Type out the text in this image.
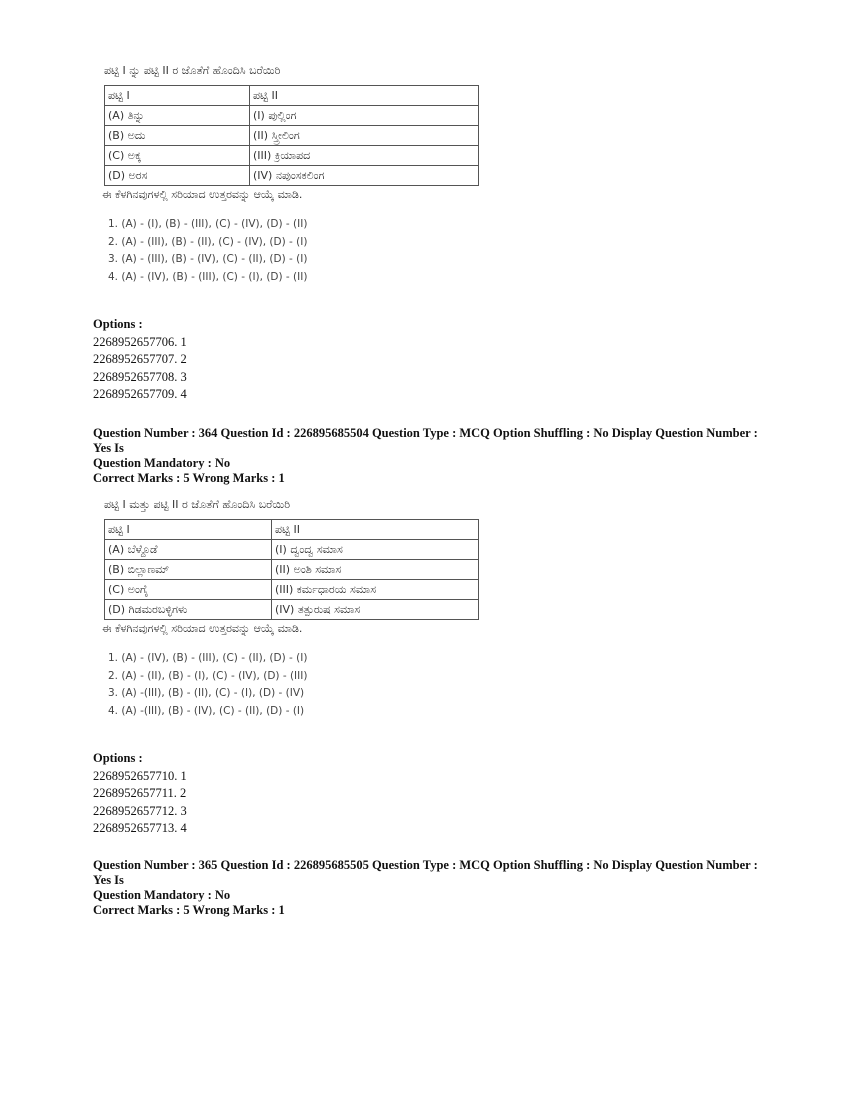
ಪಟ್ಟಿ I ನ್ನು ಪಟ್ಟಿ II ರ ಜೊತೆಗೆ ಹೊಂದಿಸಿ ಬರೆಯಿರಿ

ಪಟ್ಟಿ I	ಪಟ್ಟಿ II
(A) ತಿನ್ನು	(I) ಪುಲ್ಲಿಂಗ
(B) ಅದು	(II) ಸ್ತ್ರೀಲಿಂಗ
(C) ಅಕ್ಕ	(III) ಕ್ರಿಯಾಪದ
(D) ಅರಸ	(IV) ನಪುಂಸಕಲಿಂಗ

ಈ ಕೆಳಗಿನವುಗಳಲ್ಲಿ ಸರಿಯಾದ ಉತ್ತರವನ್ನು ಆಯ್ಕೆ ಮಾಡಿ.

1. (A) - (I), (B) - (III), (C) - (IV), (D) - (II)
2. (A) - (III), (B) - (II), (C) - (IV), (D) - (I)
3. (A) - (III), (B) - (IV), (C) - (II), (D) - (I)
4. (A) - (IV), (B) - (III), (C) - (I), (D) - (II)
Options :
2268952657706. 1
2268952657707. 2
2268952657708. 3
2268952657709. 4

Question Number : 364 Question Id : 226895685504 Question Type : MCQ Option Shuffling : No Display Question Number : Yes Is

Question Mandatory : No

Correct Marks : 5 Wrong Marks : 1

ಪಟ್ಟಿ I ಮತ್ತು ಪಟ್ಟಿ II ರ ಜೊತೆಗೆ ಹೊಂದಿಸಿ ಬರೆಯಿರಿ

ಪಟ್ಟಿ I	ಪಟ್ಟಿ II
(A) ಬೆಳ್ದೊಡೆ	(I) ದ್ವಂದ್ವ ಸಮಾಸ
(B) ಬಿಲ್ಲಾಣಮ್	(II) ಅಂಶಿ ಸಮಾಸ
(C) ಅಂಗೈ	(III) ಕರ್ಮಧಾರಯ ಸಮಾಸ
(D) ಗಿಡಮರಬಳ್ಳಿಗಳು	(IV) ತತ್ಪುರುಷ ಸಮಾಸ

ಈ ಕೆಳಗಿನವುಗಳಲ್ಲಿ ಸರಿಯಾದ ಉತ್ತರವನ್ನು ಆಯ್ಕೆ ಮಾಡಿ.

1. (A) - (IV), (B) - (III), (C) - (II), (D) - (I)
2. (A) - (II), (B) - (I), (C) - (IV), (D) - (III)
3. (A) -(III), (B) - (II), (C) - (I), (D) - (IV)
4. (A) -(III), (B) - (IV), (C) - (II), (D) - (I)
Options :
2268952657710. 1
2268952657711. 2
2268952657712. 3
2268952657713. 4

Question Number : 365 Question Id : 226895685505 Question Type : MCQ Option Shuffling : No Display Question Number : Yes Is

Question Mandatory : No

Correct Marks : 5 Wrong Marks : 1
